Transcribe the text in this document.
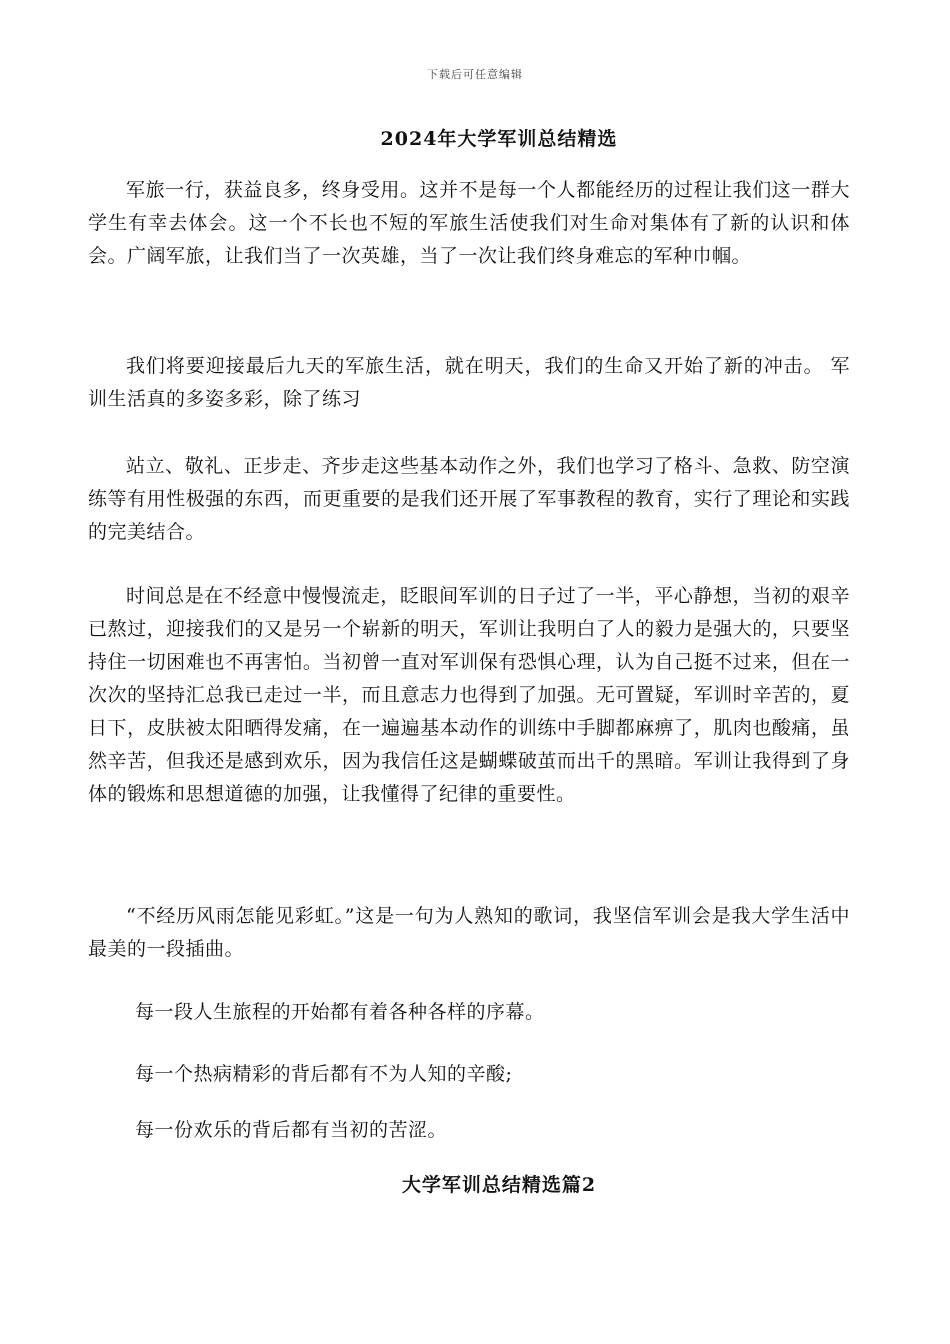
下载后可任意编辑
2024年大学军训总结精选

军旅一行，获益良多，终身受用。这并不是每一个人都能经历的过程让我们这一群大学生有幸去体会。这一个不长也不短的军旅生活使我们对生命对集体有了新的认识和体会。广阔军旅，让我们当了一次英雄，当了一次让我们终身难忘的军种巾帼。

我们将要迎接最后九天的军旅生活，就在明天，我们的生命又开始了新的冲击。 军训生活真的多姿多彩，除了练习

站立、敬礼、正步走、齐步走这些基本动作之外，我们也学习了格斗、急救、防空演练等有用性极强的东西，而更重要的是我们还开展了军事教程的教育，实行了理论和实践的完美结合。

时间总是在不经意中慢慢流走，眨眼间军训的日子过了一半，平心静想，当初的艰辛已熬过，迎接我们的又是另一个崭新的明天，军训让我明白了人的毅力是强大的，只要坚持住一切困难也不再害怕。当初曾一直对军训保有恐惧心理，认为自己挺不过来，但在一次次的坚持汇总我已走过一半，而且意志力也得到了加强。无可置疑，军训时辛苦的，夏日下，皮肤被太阳晒得发痛，在一遍遍基本动作的训练中手脚都麻痹了，肌肉也酸痛，虽然辛苦，但我还是感到欢乐，因为我信任这是蝴蝶破茧而出千的黑暗。军训让我得到了身体的锻炼和思想道德的加强，让我懂得了纪律的重要性。

“不经历风雨怎能见彩虹。”这是一句为人熟知的歌词，我坚信军训会是我大学生活中最美的一段插曲。

每一段人生旅程的开始都有着各种各样的序幕。

每一个热病精彩的背后都有不为人知的辛酸;

每一份欢乐的背后都有当初的苦涩。

大学军训总结精选篇2
